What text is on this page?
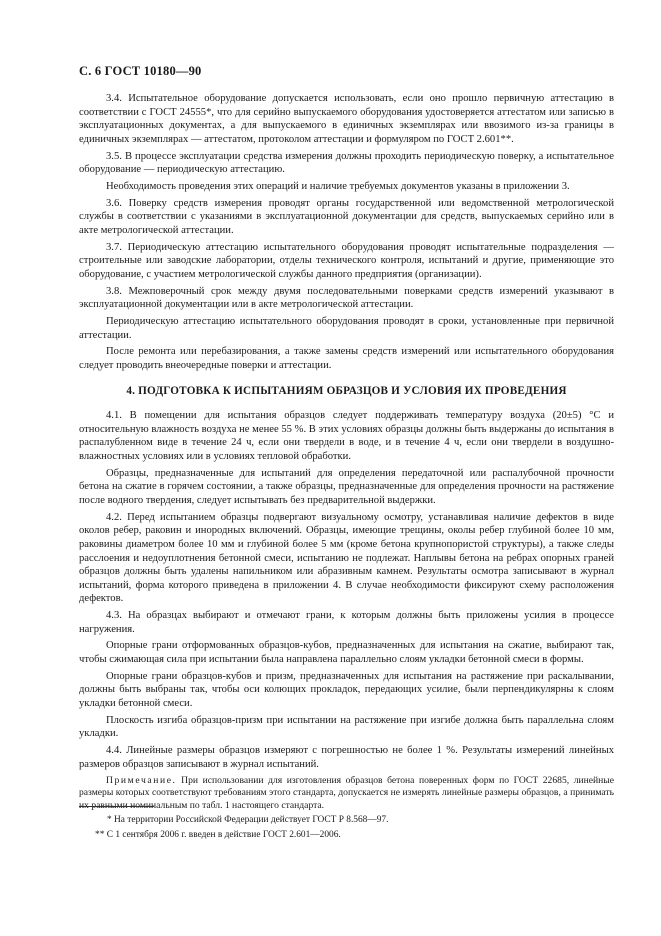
С. 6 ГОСТ 10180—90

3.4. Испытательное оборудование допускается использовать, если оно прошло первичную аттестацию в соответствии с ГОСТ 24555*, что для серийно выпускаемого оборудования удостоверяется аттестатом или записью в эксплуатационных документах, а для выпускаемого в единичных экземплярах или ввозимого из-за границы в единичных экземплярах — аттестатом, протоколом аттестации и формуляром по ГОСТ 2.601**.

3.5. В процессе эксплуатации средства измерения должны проходить периодическую поверку, а испытательное оборудование — периодическую аттестацию.

Необходимость проведения этих операций и наличие требуемых документов указаны в приложении 3.

3.6. Поверку средств измерения проводят органы государственной или ведомственной метрологической службы в соответствии с указаниями в эксплуатационной документации для средств, выпускаемых серийно или в акте метрологической аттестации.

3.7. Периодическую аттестацию испытательного оборудования проводят испытательные подразделения — строительные или заводские лаборатории, отделы технического контроля, испытаний и другие, применяющие это оборудование, с участием метрологической службы данного предприятия (организации).

3.8. Межповерочный срок между двумя последовательными поверками средств измерений указывают в эксплуатационной документации или в акте метрологической аттестации.

Периодическую аттестацию испытательного оборудования проводят в сроки, установленные при первичной аттестации.

После ремонта или перебазирования, а также замены средств измерений или испытательного оборудования следует проводить внеочередные поверки и аттестации.

4. ПОДГОТОВКА К ИСПЫТАНИЯМ ОБРАЗЦОВ И УСЛОВИЯ ИХ ПРОВЕДЕНИЯ

4.1. В помещении для испытания образцов следует поддерживать температуру воздуха (20±5) °С и относительную влажность воздуха не менее 55 %. В этих условиях образцы должны быть выдержаны до испытания в распалубленном виде в течение 24 ч, если они твердели в воде, и в течение 4 ч, если они твердели в воздушно-влажностных условиях или в условиях тепловой обработки.

Образцы, предназначенные для испытаний для определения передаточной или распалубочной прочности бетона на сжатие в горячем состоянии, а также образцы, предназначенные для определения прочности на растяжение после водного твердения, следует испытывать без предварительной выдержки.

4.2. Перед испытанием образцы подвергают визуальному осмотру, устанавливая наличие дефектов в виде околов ребер, раковин и инородных включений. Образцы, имеющие трещины, околы ребер глубиной более 10 мм, раковины диаметром более 10 мм и глубиной более 5 мм (кроме бетона крупнопористой структуры), а также следы расслоения и недоуплотнения бетонной смеси, испытанию не подлежат. Наплывы бетона на ребрах опорных граней образцов должны быть удалены напильником или абразивным камнем. Результаты осмотра записывают в журнал испытаний, форма которого приведена в приложении 4. В случае необходимости фиксируют схему расположения дефектов.

4.3. На образцах выбирают и отмечают грани, к которым должны быть приложены усилия в процессе нагружения.

Опорные грани отформованных образцов-кубов, предназначенных для испытания на сжатие, выбирают так, чтобы сжимающая сила при испытании была направлена параллельно слоям укладки бетонной смеси в формы.

Опорные грани образцов-кубов и призм, предназначенных для испытания на растяжение при раскалывании, должны быть выбраны так, чтобы оси колющих прокладок, передающих усилие, были перпендикулярны к слоям укладки бетонной смеси.

Плоскость изгиба образцов-призм при испытании на растяжение при изгибе должна быть параллельна слоям укладки.

4.4. Линейные размеры образцов измеряют с погрешностью не более 1 %. Результаты измерений линейных размеров образцов записывают в журнал испытаний.

Примечание. При использовании для изготовления образцов бетона поверенных форм по ГОСТ 22685, линейные размеры которых соответствуют требованиям этого стандарта, допускается не измерять линейные размеры образцов, а принимать их равными номинальным по табл. 1 настоящего стандарта.

* На территории Российской Федерации действует ГОСТ Р 8.568—97.
** С 1 сентября 2006 г. введен в действие ГОСТ 2.601—2006.
